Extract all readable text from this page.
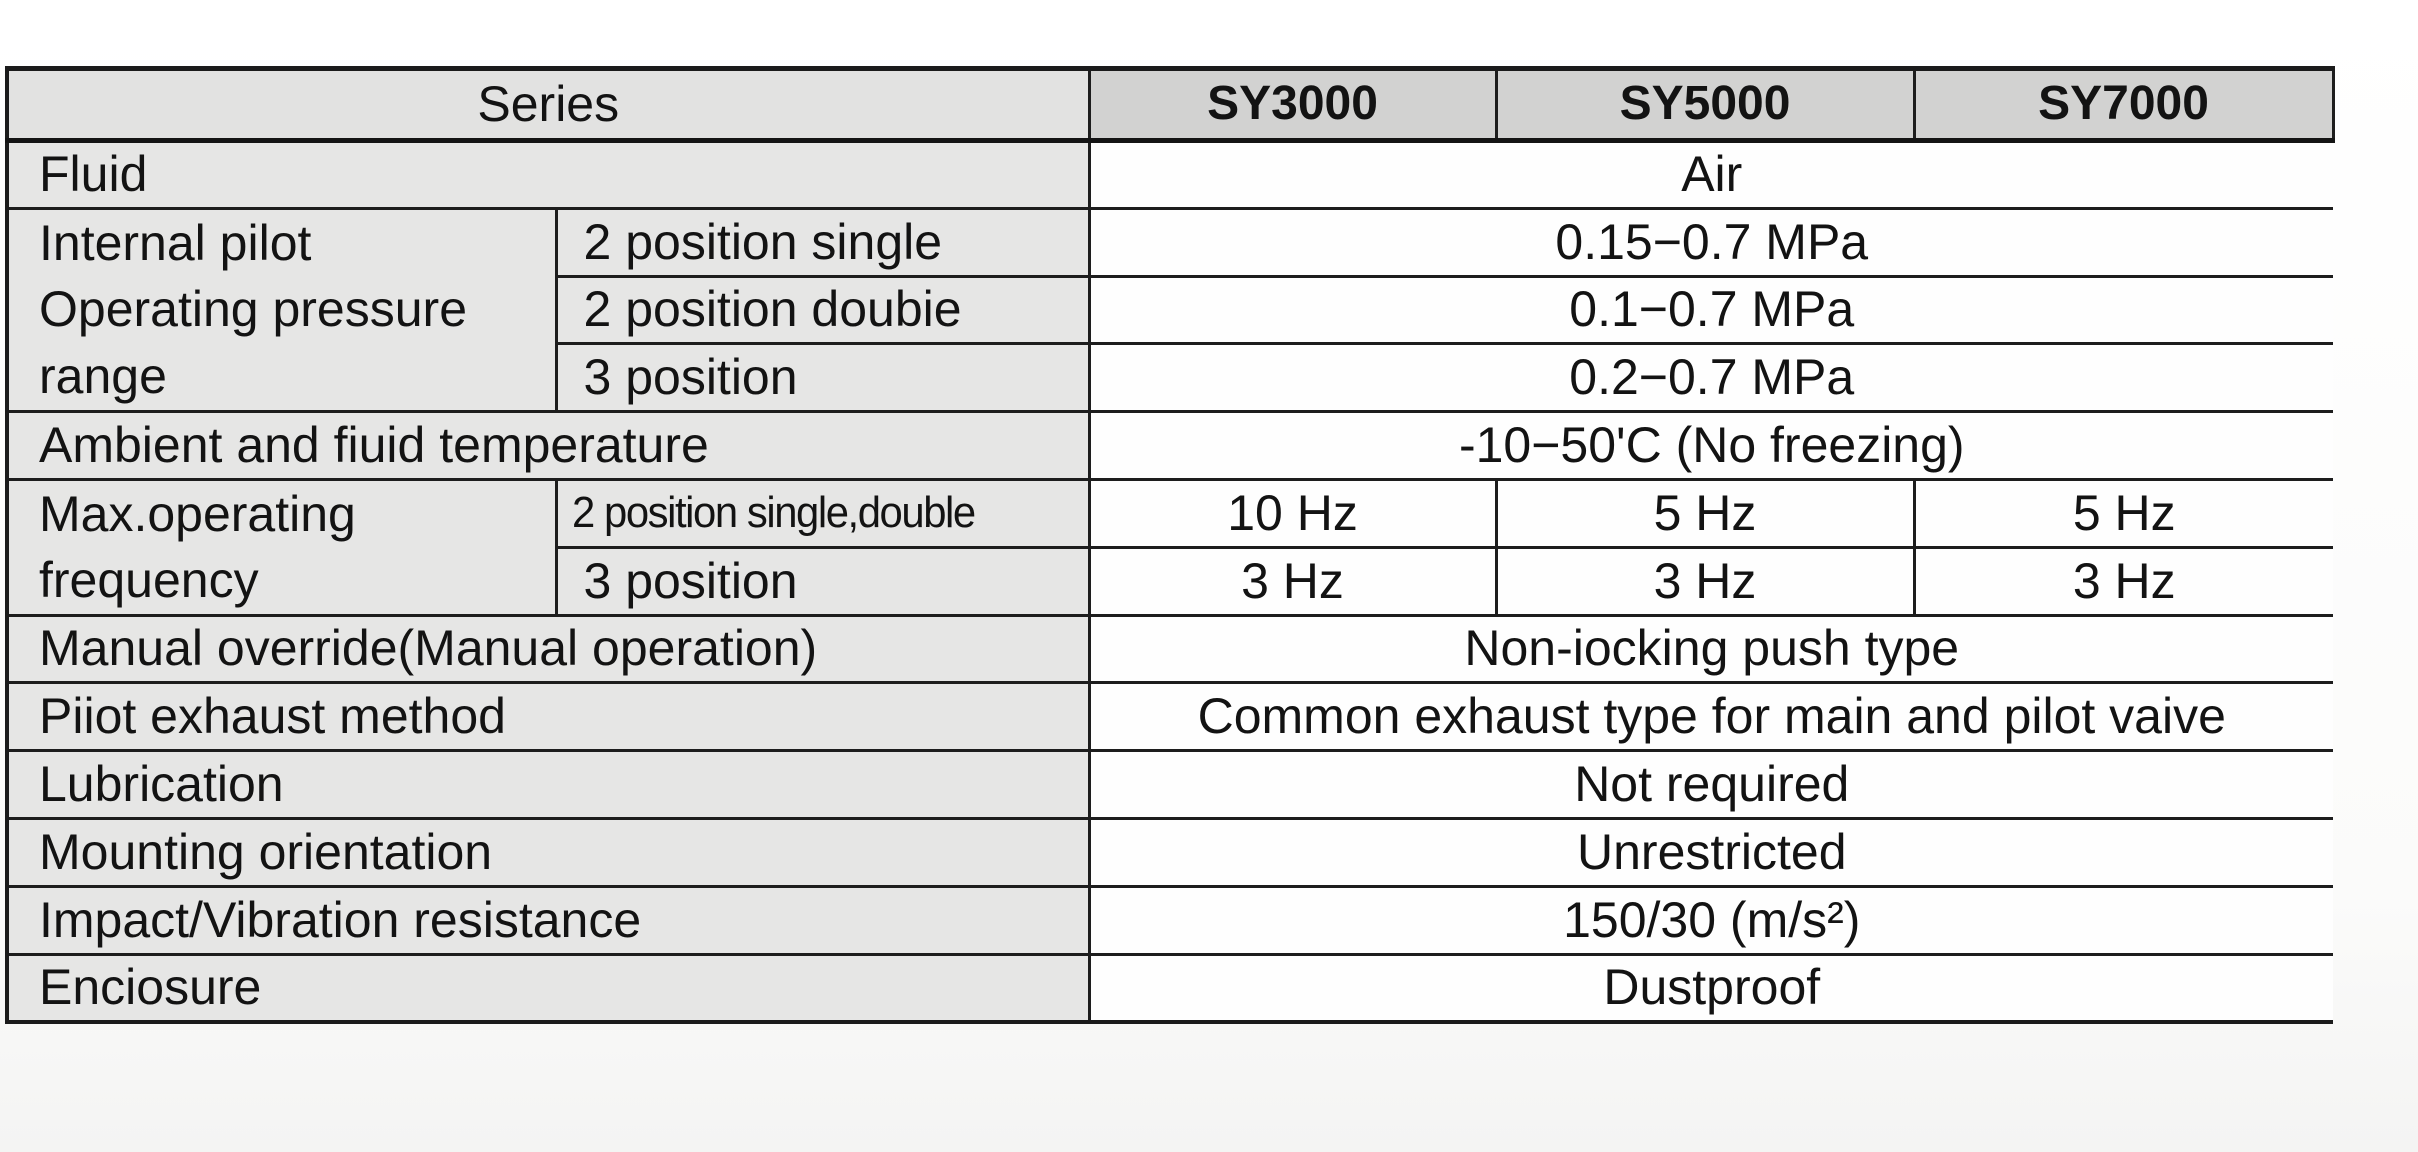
Series		SY3000	SY5000	SY7000
Fluid		Air		

Internal pilot
Operating pressure
range	2 position single	0.15−0.7 MPa		
	2 position doubie	0.1−0.7 MPa		
	3 position	0.2−0.7 MPa		
Ambient and fiuid temperature		-10−50'C (No freezing)		

Max.operating
frequency	2 position single,double	10 Hz	5 Hz	5 Hz
	3 position	3 Hz	3 Hz	3 Hz
Manual override(Manual operation)		Non-iocking push type		
Piiot exhaust method		Common exhaust type for main and pilot vaive		
Lubrication		Not required		
Mounting orientation		Unrestricted		
Impact/Vibration resistance		150/30 (m/s²)		
Enciosure		Dustproof		
